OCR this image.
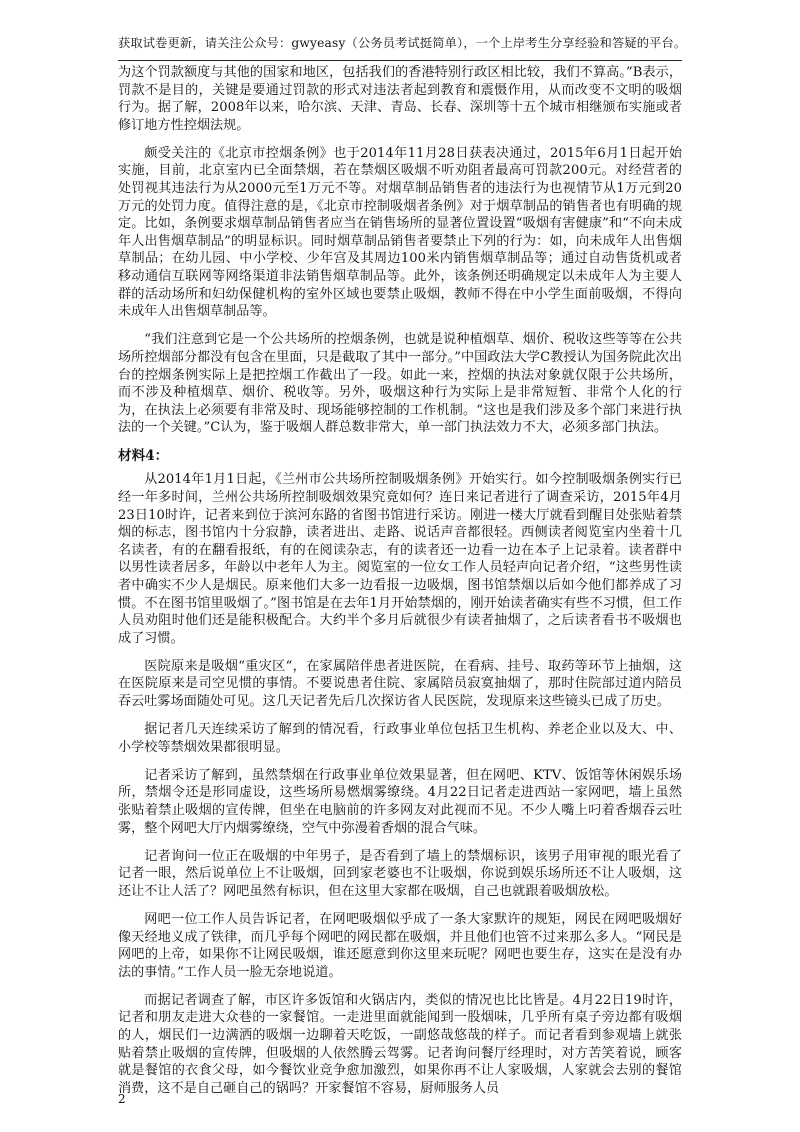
获取试卷更新，请关注公众号：gwyeasy（公务员考试挺简单），一个上岸考生分享经验和答疑的平台。

为这个罚款额度与其他的国家和地区，包括我们的香港特别行政区相比较，我们不算高。”B表示，罚款不是目的，关键是要通过罚款的形式对违法者起到教育和震慑作用，从而改变不文明的吸烟行为。据了解，2008年以来，哈尔滨、天津、青岛、长春、深圳等十五个城市相继颁布实施或者修订地方性控烟法规。

颇受关注的《北京市控烟条例》也于2014年11月28日获表决通过，2015年6月1日起开始实施，目前，北京室内已全面禁烟，若在禁烟区吸烟不听劝阻者最高可罚款200元。对经营者的处罚视其违法行为从2000元至1万元不等。对烟草制品销售者的违法行为也视情节从1万元到20万元的处罚力度。值得注意的是，《北京市控制吸烟者条例》对于烟草制品的销售者也有明确的规定。比如，条例要求烟草制品销售者应当在销售场所的显著位置设置“吸烟有害健康”和“不向未成年人出售烟草制品”的明显标识。同时烟草制品销售者要禁止下列的行为：如，向未成年人出售烟草制品；在幼儿园、中小学校、少年宫及其周边100米内销售烟草制品等；通过自动售货机或者移动通信互联网等网络渠道非法销售烟草制品等。此外，该条例还明确规定以未成年人为主要人群的活动场所和妇幼保健机构的室外区域也要禁止吸烟，教师不得在中小学生面前吸烟，不得向未成年人出售烟草制品等。

“我们注意到它是一个公共场所的控烟条例，也就是说种植烟草、烟价、税收这些等等在公共场所控烟部分都没有包含在里面，只是截取了其中一部分。”中国政法大学C教授认为国务院此次出台的控烟条例实际上是把控烟工作截出了一段。如此一来，控烟的执法对象就仅限于公共场所，而不涉及种植烟草、烟价、税收等。另外，吸烟这种行为实际上是非常短暂、非常个人化的行为，在执法上必须要有非常及时、现场能够控制的工作机制。“这也是我们涉及多个部门来进行执法的一个关键。”C认为，鉴于吸烟人群总数非常大，单一部门执法效力不大，必须多部门执法。

材料4：

从2014年1月1日起，《兰州市公共场所控制吸烟条例》开始实行。如今控制吸烟条例实行已经一年多时间，兰州公共场所控制吸烟效果究竟如何？连日来记者进行了调查采访，2015年4月23日10时许，记者来到位于滨河东路的省图书馆进行采访。刚进一楼大厅就看到醒目处张贴着禁烟的标志，图书馆内十分寂静，读者进出、走路、说话声音都很轻。西侧读者阅览室内坐着十几名读者，有的在翻看报纸，有的在阅读杂志，有的读者还一边看一边在本子上记录着。读者群中以男性读者居多，年龄以中老年人为主。阅览室的一位女工作人员轻声向记者介绍，“这些男性读者中确实不少人是烟民。原来他们大多一边看报一边吸烟，图书馆禁烟以后如今他们都养成了习惯。不在图书馆里吸烟了。”图书馆是在去年1月开始禁烟的，刚开始读者确实有些不习惯，但工作人员劝阻时他们还是能积极配合。大约半个多月后就很少有读者抽烟了，之后读者看书不吸烟也成了习惯。

医院原来是吸烟“重灾区“，在家属陪伴患者进医院，在看病、挂号、取药等环节上抽烟，这在医院原来是司空见惯的事情。不要说患者住院、家属陪员寂寞抽烟了，那时住院部过道内陪员吞云吐雾场面随处可见。这几天记者先后几次探访省人民医院，发现原来这些镜头已成了历史。

据记者几天连续采访了解到的情况看，行政事业单位包括卫生机构、养老企业以及大、中、小学校等禁烟效果都很明显。

记者采访了解到，虽然禁烟在行政事业单位效果显著，但在网吧、KTV、饭馆等休闲娱乐场所，禁烟令还是形同虚设，这些场所易燃烟雾缭绕。4月22日记者走进西站一家网吧，墙上虽然张贴着禁止吸烟的宣传牌，但坐在电脑前的许多网友对此视而不见。不少人嘴上叼着香烟吞云吐雾，整个网吧大厅内烟雾缭绕，空气中弥漫着香烟的混合气味。

记者询问一位正在吸烟的中年男子，是否看到了墙上的禁烟标识，该男子用审视的眼光看了记者一眼，然后说单位上不让吸烟，回到家老婆也不让吸烟，你说到娱乐场所还不让人吸烟，这还让不让人活了？网吧虽然有标识，但在这里大家都在吸烟，自己也就跟着吸烟放松。

网吧一位工作人员告诉记者，在网吧吸烟似乎成了一条大家默许的规矩，网民在网吧吸烟好像天经地义成了铁律，而几乎每个网吧的网民都在吸烟，并且他们也管不过来那么多人。“网民是网吧的上帝，如果你不让网民吸烟，谁还愿意到你这里来玩呢？网吧也要生存，这实在是没有办法的事情。”工作人员一脸无奈地说道。

而据记者调查了解，市区许多饭馆和火锅店内，类似的情况也比比皆是。4月22日19时许，记者和朋友走进大众巷的一家餐馆。一走进里面就能闻到一股烟味，几乎所有桌子旁边都有吸烟的人，烟民们一边满洒的吸烟一边聊着天吃饭，一副悠哉悠哉的样子。而记者看到参观墙上就张贴着禁止吸烟的宣传牌，但吸烟的人依然腾云驾雾。记者询问餐厅经理时，对方苦笑着说，顾客就是餐馆的衣食父母，如今餐饮业竞争愈加激烈，如果你再不让人家吸烟，人家就会去别的餐馆消费，这不是自己砸自己的锅吗？开家餐馆不容易，厨师服务人员

2
